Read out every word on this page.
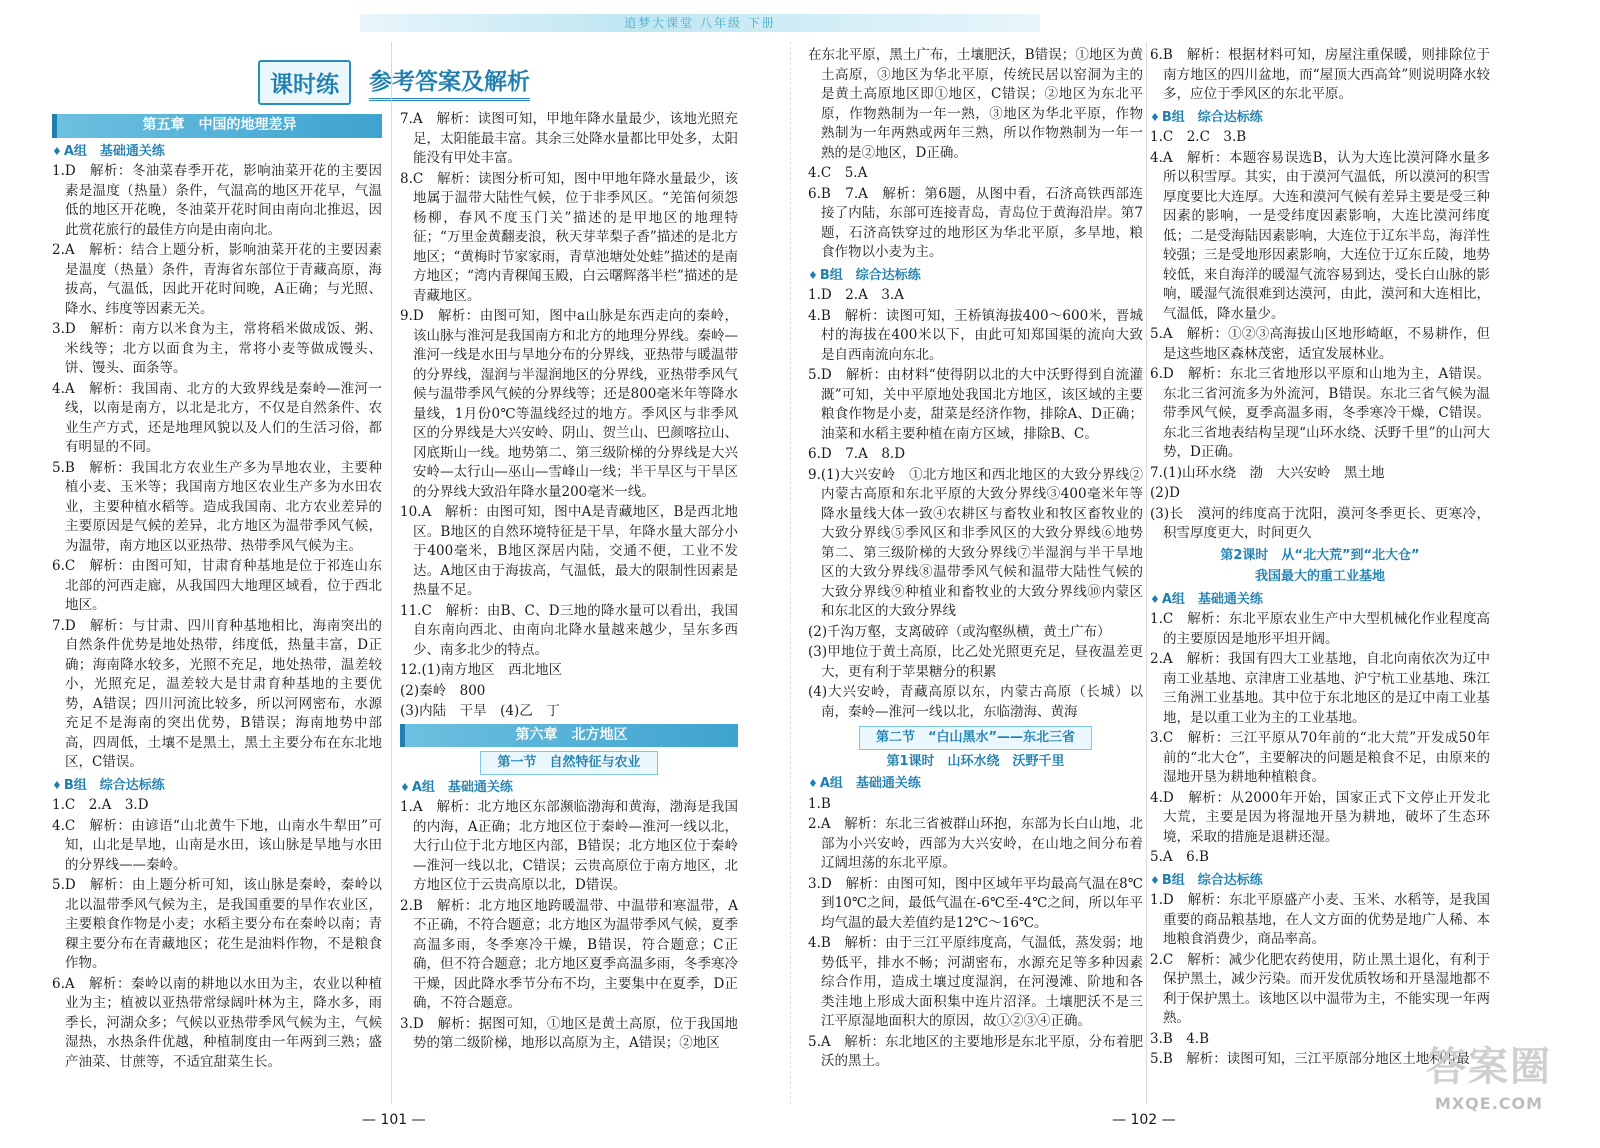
追梦大课堂 八年级 下册
课时练	参考答案及解析
第五章　中国的地理差异
♦ A组　基础通关练

1.D　解析：冬油菜春季开花，影响油菜开花的主要因素是温度（热量）条件，气温高的地区开花早，气温低的地区开花晚，冬油菜开花时间由南向北推迟，因此赏花旅行的最佳方向是由南向北。

2.A　解析：结合上题分析，影响油菜开花的主要因素是温度（热量）条件，青海省东部位于青藏高原，海拔高，气温低，因此开花时间晚，A正确；与光照、降水、纬度等因素无关。

3.D　解析：南方以米食为主，常将稻米做成饭、粥、米线等；北方以面食为主，常将小麦等做成馒头、饼、馒头、面条等。

4.A　解析：我国南、北方的大致界线是秦岭—淮河一线，以南是南方，以北是北方，不仅是自然条件、农业生产方式，还是地理风貌以及人们的生活习俗，都有明显的不同。

5.B　解析：我国北方农业生产多为旱地农业，主要种植小麦、玉米等；我国南方地区农业生产多为水田农业，主要种植水稻等。造成我国南、北方农业差异的主要原因是气候的差异，北方地区为温带季风气候，为温带，南方地区以亚热带、热带季风气候为主。

6.C　解析：由图可知，甘肃育种基地是位于祁连山东北部的河西走廊，从我国四大地理区域看，位于西北地区。

7.D　解析：与甘肃、四川育种基地相比，海南突出的自然条件优势是地处热带，纬度低，热量丰富，D正确；海南降水较多，光照不充足，地处热带，温差较小，光照充足，温差较大是甘肃育种基地的主要优势，A错误；四川河流比较多，所以河网密布，水源充足不是海南的突出优势，B错误；海南地势中部高，四周低，土壤不是黑土，黑土主要分布在东北地区，C错误。

♦ B组　综合达标练

1.C　2.A　3.D

4.C　解析：由谚语“山北黄牛下地，山南水牛犁田”可知，山北是旱地，山南是水田，该山脉是旱地与水田的分界线——秦岭。

5.D　解析：由上题分析可知，该山脉是秦岭，秦岭以北以温带季风气候为主，是我国重要的旱作农业区，主要粮食作物是小麦；水稻主要分布在秦岭以南；青稞主要分布在青藏地区；花生是油料作物，不是粮食作物。

6.A　解析：秦岭以南的耕地以水田为主，农业以种植业为主；植被以亚热带常绿阔叶林为主，降水多，雨季长，河湖众多；气候以亚热带季风气候为主，气候湿热，水热条件优越，种植制度由一年两到三熟；盛产油菜、甘蔗等，不适宜甜菜生长。

7.A　解析：读图可知，甲地年降水量最少，该地光照充足，太阳能最丰富。其余三处降水量都比甲处多，太阳能没有甲处丰富。

8.C　解析：读图分析可知，图中甲地年降水量最少，该地属于温带大陆性气候，位于非季风区。“羌笛何须怨杨柳，春风不度玉门关”描述的是甲地区的地理特征；“万里金黄翻麦浪，秋天芽苹梨子香”描述的是北方地区；“黄梅时节家家雨，青草池塘处处蛙”描述的是南方地区；“湾内青稞闻玉殿，白云曙辉落半栏”描述的是青藏地区。

9.D　解析：由图可知，图中a山脉是东西走向的秦岭，该山脉与淮河是我国南方和北方的地理分界线。秦岭—淮河一线是水田与旱地分布的分界线，亚热带与暖温带的分界线，湿润与半湿润地区的分界线，亚热带季风气候与温带季风气候的分界线等；还是800毫米年等降水量线，1月份0℃等温线经过的地方。季风区与非季风区的分界线是大兴安岭、阴山、贺兰山、巴颜喀拉山、冈底斯山一线。地势第二、第三级阶梯的分界线是大兴安岭—太行山—巫山—雪峰山一线；半干旱区与干旱区的分界线大致沿年降水量200毫米一线。

10.A　解析：由图可知，图中A是青藏地区，B是西北地区。B地区的自然环境特征是干旱，年降水量大部分小于400毫米，B地区深居内陆，交通不便，工业不发达。A地区由于海拔高，气温低，最大的限制性因素是热量不足。

11.C　解析：由B、C、D三地的降水量可以看出，我国自东南向西北、由南向北降水量越来越少，呈东多西少、南多北少的特点。

12.(1)南方地区　西北地区

(2)秦岭　800

(3)内陆　干旱　(4)乙　丁

第六章　北方地区
第一节　自然特征与农业
♦ A组　基础通关练

1.A　解析：北方地区东部濒临渤海和黄海，渤海是我国的内海，A正确；北方地区位于秦岭—淮河一线以北，大行山位于北方地区内部，B错误；北方地区位于秦岭—淮河一线以北，C错误；云贵高原位于南方地区，北方地区位于云贵高原以北，D错误。

2.B　解析：北方地区地跨暖温带、中温带和寒温带，A不正确，不符合题意；北方地区为温带季风气候，夏季高温多雨，冬季寒冷干燥，B错误，符合题意；C正确，但不符合题意；北方地区夏季高温多雨，冬季寒冷干燥，因此降水季节分布不均，主要集中在夏季，D正确，不符合题意。

3.D　解析：据图可知，①地区是黄土高原，位于我国地势的第二级阶梯，地形以高原为主，A错误；②地区

在东北平原，黑土广布，土壤肥沃，B错误；①地区为黄土高原，③地区为华北平原，传统民居以窑洞为主的是黄土高原地区即①地区，C错误；②地区为东北平原，作物熟制为一年一熟，③地区为华北平原，作物熟制为一年两熟或两年三熟，所以作物熟制为一年一熟的是②地区，D正确。

4.C　5.A

6.B　7.A　解析：第6题，从图中看，石济高铁西部连接了内陆，东部可连接青岛，青岛位于黄海沿岸。第7题，石济高铁穿过的地形区为华北平原，多旱地，粮食作物以小麦为主。

♦ B组　综合达标练

1.D　2.A　3.A

4.B　解析：读图可知，王桥镇海拔400～600米，晋城村的海拔在400米以下，由此可知郑国渠的流向大致是自西南流向东北。

5.D　解析：由材料“使得阴以北的大中沃野得到自流灌溉”可知，关中平原地处我国北方地区，该区域的主要粮食作物是小麦，甜菜是经济作物，排除A、D正确；油菜和水稻主要种植在南方区域，排除B、C。

6.D　7.A　8.D

9.(1)大兴安岭　①北方地区和西北地区的大致分界线②内蒙古高原和东北平原的大致分界线③400毫米年等降水量线大体一致④农耕区与畜牧业和牧区畜牧业的大致分界线⑤季风区和非季风区的大致分界线⑥地势第二、第三级阶梯的大致分界线⑦半湿润与半干旱地区的大致分界线⑧温带季风气候和温带大陆性气候的大致分界线⑨种植业和畜牧业的大致分界线⑩内蒙区和东北区的大致分界线

(2)千沟万壑，支离破碎（或沟壑纵横，黄土广布）

(3)甲地位于黄土高原，比乙处光照更充足，昼夜温差更大，更有利于苹果糖分的积累

(4)大兴安岭，青藏高原以东，内蒙古高原（长城）以南，秦岭—淮河一线以北，东临渤海、黄海

第二节　“白山黑水”——东北三省
第1课时　山环水绕　沃野千里
♦ A组　基础通关练

1.B

2.A　解析：东北三省被群山环抱，东部为长白山地，北部为小兴安岭，西部为大兴安岭，在山地之间分布着辽阔坦荡的东北平原。

3.D　解析：由图可知，图中区域年平均最高气温在8℃到10℃之间，最低气温在-6℃至-4℃之间，所以年平均气温的最大差值约是12℃～16℃。

4.B　解析：由于三江平原纬度高，气温低，蒸发弱；地势低平，排水不畅；河湖密布，水源充足等多种因素综合作用，造成土壤过度湿润，在河漫滩、阶地和各类洼地上形成大面积集中连片沼泽。土壤肥沃不是三江平原湿地面积大的原因，故①②③④正确。

5.A　解析：东北地区的主要地形是东北平原，分布着肥沃的黑土。

6.B　解析：根据材料可知，房屋注重保暖，则排除位于南方地区的四川盆地，而“屋顶大西高耸”则说明降水较多，应位于季风区的东北平原。

♦ B组　综合达标练

1.C　2.C　3.B

4.A　解析：本题容易误选B，认为大连比漠河降水量多所以积雪厚。其实，由于漠河气温低，所以漠河的积雪厚度要比大连厚。大连和漠河气候有差异主要是受三种因素的影响，一是受纬度因素影响，大连比漠河纬度低；二是受海陆因素影响，大连位于辽东半岛，海洋性较强；三是受地形因素影响，大连位于辽东丘陵，地势较低，来自海洋的暖湿气流容易到达，受长白山脉的影响，暖湿气流很难到达漠河，由此，漠河和大连相比，气温低，降水量少。

5.A　解析：①②③高海拔山区地形崎岖，不易耕作，但是这些地区森林茂密，适宜发展林业。

6.D　解析：东北三省地形以平原和山地为主，A错误。东北三省河流多为外流河，B错误。东北三省气候为温带季风气候，夏季高温多雨，冬季寒冷干燥，C错误。东北三省地表结构呈现“山环水绕、沃野千里”的山河大势，D正确。

7.(1)山环水绕　渤　大兴安岭　黑土地

(2)D

(3)长　漠河的纬度高于沈阳，漠河冬季更长、更寒冷，积雪厚度更大，时间更久

第2课时　从“北大荒”到“北大仓”
我国最大的重工业基地
♦ A组　基础通关练

1.C　解析：东北平原农业生产中大型机械化作业程度高的主要原因是地形平坦开阔。

2.A　解析：我国有四大工业基地，自北向南依次为辽中南工业基地、京津唐工业基地、沪宁杭工业基地、珠江三角洲工业基地。其中位于东北地区的是辽中南工业基地，是以重工业为主的工业基地。

3.C　解析：三江平原从70年前的“北大荒”开发成50年前的“北大仓”，主要解决的问题是粮食不足，由原来的湿地开垦为耕地种植粮食。

4.D　解析：从2000年开始，国家正式下文停止开发北大荒，主要是因为将湿地开垦为耕地，破坏了生态环境，采取的措施是退耕还湿。

5.A　6.B

♦ B组　综合达标练

1.D　解析：东北平原盛产小麦、玉米、水稻等，是我国重要的商品粮基地，在人文方面的优势是地广人稀、本地粮食消费少，商品率高。

2.C　解析：减少化肥农药使用，防止黑土退化，有利于保护黑土，减少污染。而开发优质牧场和开垦湿地都不利于保护黑土。该地区以中温带为主，不能实现一年两熟。

3.B　4.B

5.B　解析：读图可知，三江平原部分地区土地利用最

— 101 —	— 102 —
答案圈
MXQE.COM
